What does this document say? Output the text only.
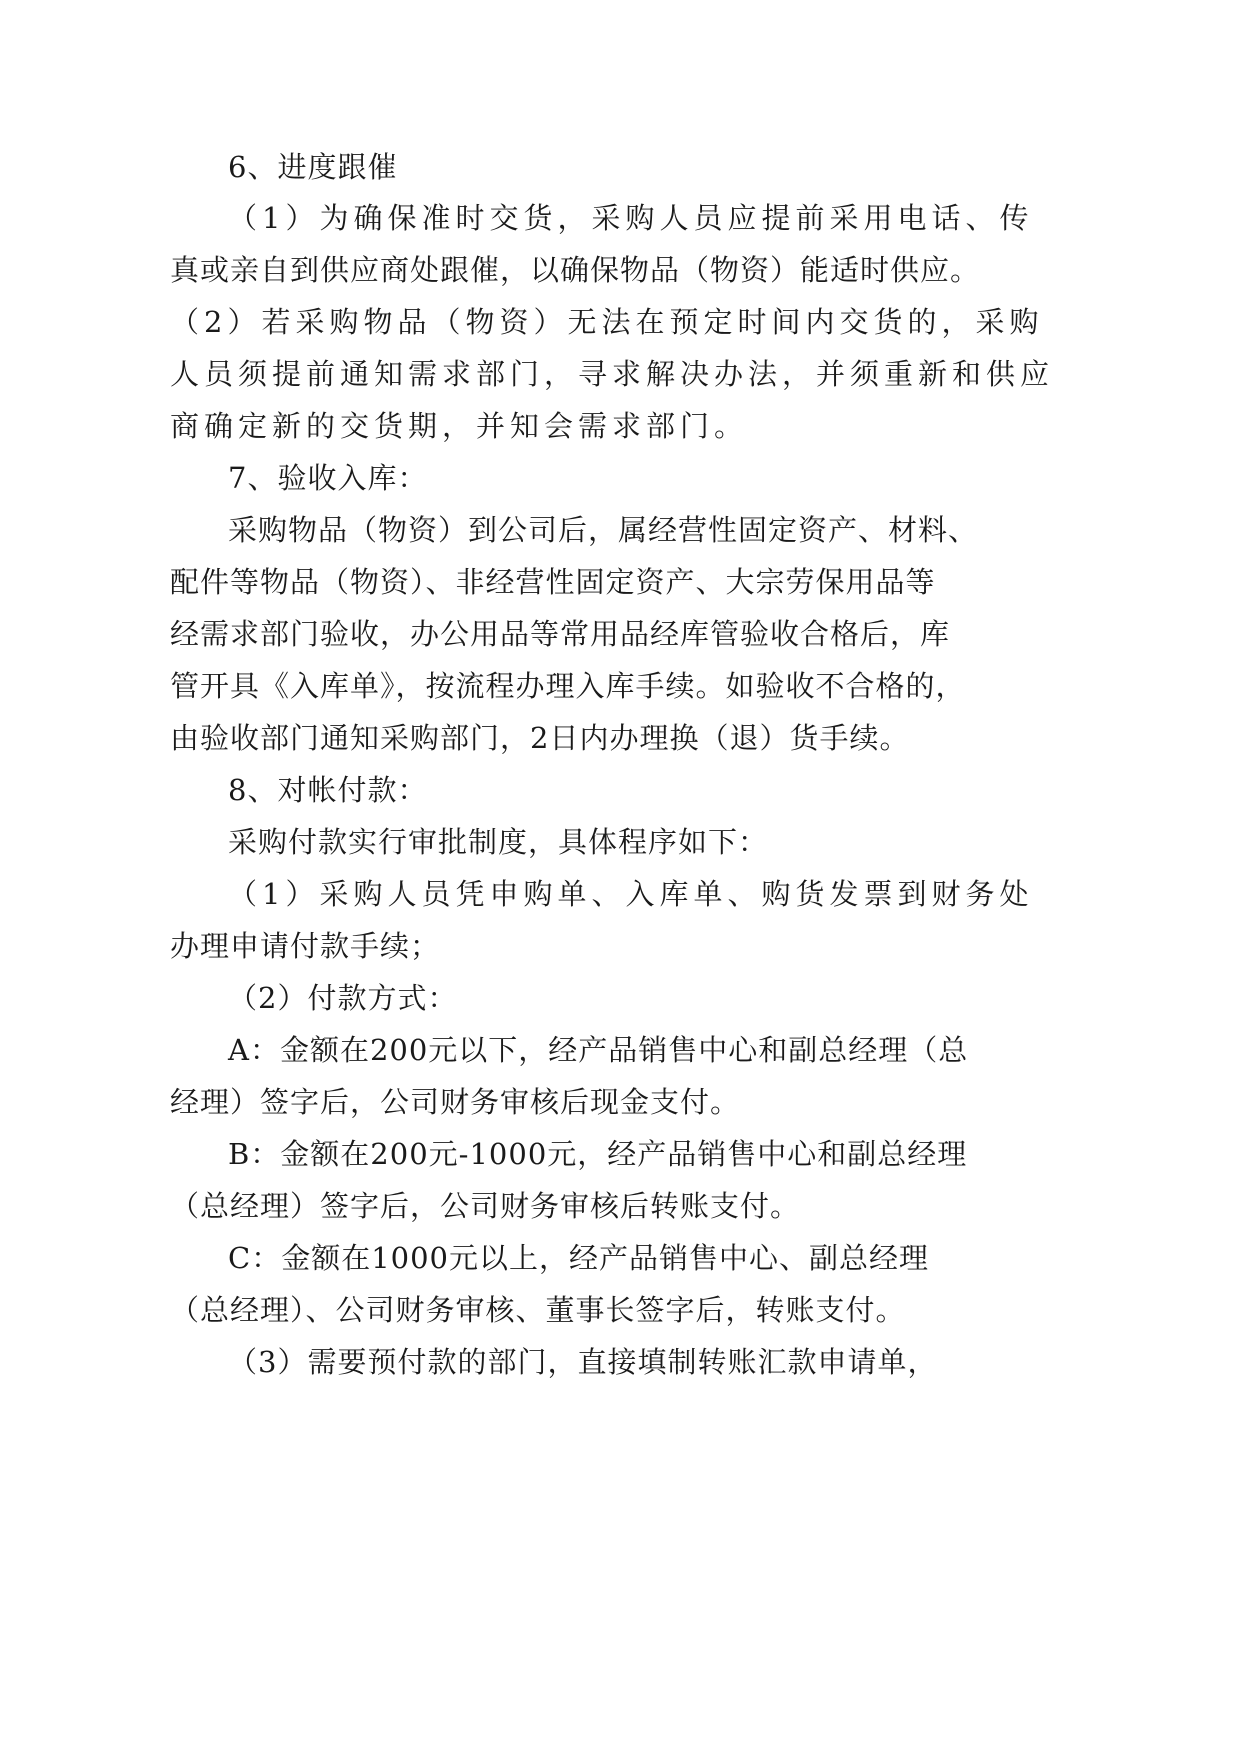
6、进度跟催
（1）为确保准时交货，采购人员应提前采用电话、传
真或亲自到供应商处跟催，以确保物品（物资）能适时供应。
（2）若采购物品（物资）无法在预定时间内交货的，采购
人员须提前通知需求部门，寻求解决办法，并须重新和供应
商确定新的交货期，并知会需求部门。
7、验收入库：
采购物品（物资）到公司后，属经营性固定资产、材料、
配件等物品（物资）、非经营性固定资产、大宗劳保用品等
经需求部门验收，办公用品等常用品经库管验收合格后，库
管开具《入库单》，按流程办理入库手续。如验收不合格的，
由验收部门通知采购部门，2日内办理换（退）货手续。
8、对帐付款：
采购付款实行审批制度，具体程序如下：
（1）采购人员凭申购单、入库单、购货发票到财务处
办理申请付款手续；
（2）付款方式：
A：金额在200元以下，经产品销售中心和副总经理（总
经理）签字后，公司财务审核后现金支付。
B：金额在200元-1000元，经产品销售中心和副总经理
（总经理）签字后，公司财务审核后转账支付。
C：金额在1000元以上，经产品销售中心、副总经理
（总经理）、公司财务审核、董事长签字后，转账支付。
（3）需要预付款的部门，直接填制转账汇款申请单，
